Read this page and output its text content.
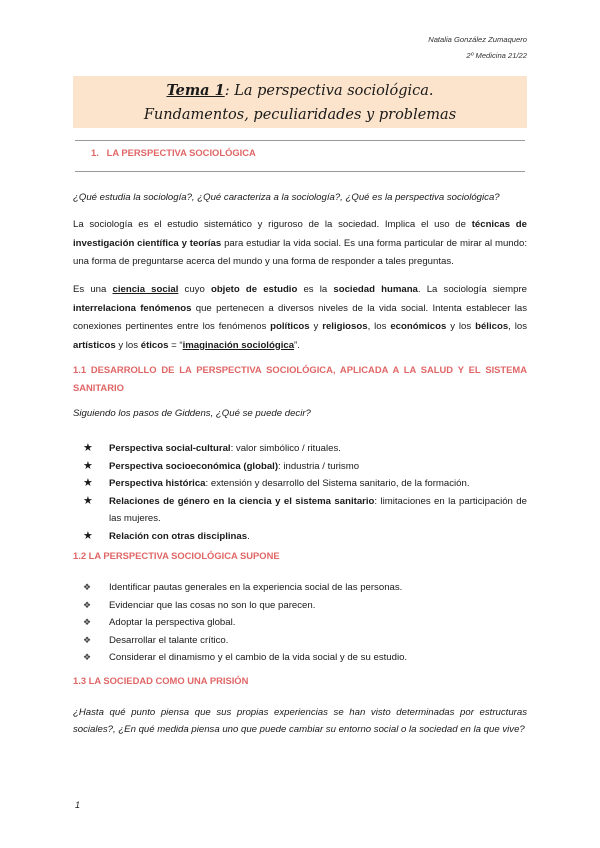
Natalia González Zumaquero
2º Medicina 21/22
Tema 1: La perspectiva sociológica.
Fundamentos, peculiaridades y problemas
1. LA PERSPECTIVA SOCIOLÓGICA
¿Qué estudia la sociología?, ¿Qué caracteriza a la sociología?, ¿Qué es la perspectiva sociológica?
La sociología es el estudio sistemático y riguroso de la sociedad. Implica el uso de técnicas de investigación científica y teorías para estudiar la vida social. Es una forma particular de mirar al mundo: una forma de preguntarse acerca del mundo y una forma de responder a tales preguntas.
Es una ciencia social cuyo objeto de estudio es la sociedad humana. La sociología siempre interrelaciona fenómenos que pertenecen a diversos niveles de la vida social. Intenta establecer las conexiones pertinentes entre los fenómenos políticos y religiosos, los económicos y los bélicos, los artísticos y los éticos = “imaginación sociológica”.
1.1 DESARROLLO DE LA PERSPECTIVA SOCIOLÓGICA, APLICADA A LA SALUD Y EL SISTEMA SANITARIO
Siguiendo los pasos de Giddens, ¿Qué se puede decir?
★ Perspectiva social-cultural: valor simbólico / rituales.
★ Perspectiva socioeconómica (global): industria / turismo
★ Perspectiva histórica: extensión y desarrollo del Sistema sanitario, de la formación.
★ Relaciones de género en la ciencia y el sistema sanitario: limitaciones en la participación de las mujeres.
★ Relación con otras disciplinas.
1.2 LA PERSPECTIVA SOCIOLÓGICA SUPONE
❖ Identificar pautas generales en la experiencia social de las personas.
❖ Evidenciar que las cosas no son lo que parecen.
❖ Adoptar la perspectiva global.
❖ Desarrollar el talante crítico.
❖ Considerar el dinamismo y el cambio de la vida social y de su estudio.
1.3 LA SOCIEDAD COMO UNA PRISIÓN
¿Hasta qué punto piensa que sus propias experiencias se han visto determinadas por estructuras sociales?, ¿En qué medida piensa uno que puede cambiar su entorno social o la sociedad en la que vive?
1
